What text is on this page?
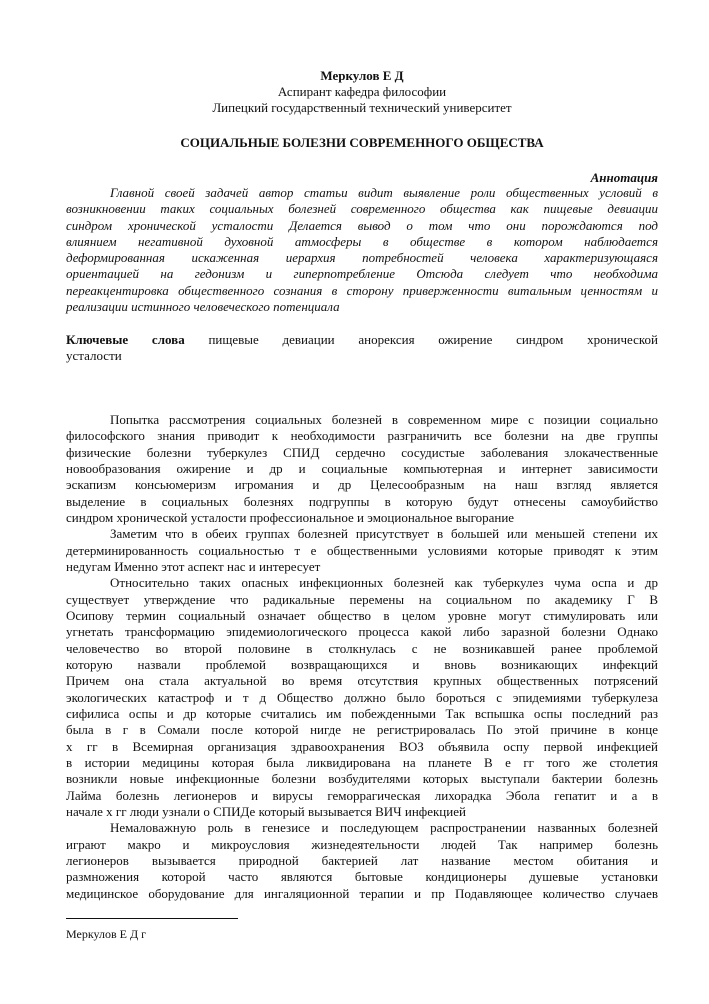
Меркулов Е Д
Аспирант кафедра философии
Липецкий государственный технический университет
СОЦИАЛЬНЫЕ БОЛЕЗНИ СОВРЕМЕННОГО ОБЩЕСТВА
Аннотация
Главной своей задачей автор статьи видит выявление роли общественных условий в
возникновении таких социальных болезней современного общества как пищевые девиации
синдром хронической усталости Делается вывод о том что они порождаются под
влиянием негативной духовной атмосферы в обществе в котором наблюдается
деформированная искаженная иерархия потребностей человека характеризующаяся
ориентацией на гедонизм и гиперпотребление Отсюда следует что необходима
переакцентировка общественного сознания в сторону приверженности витальным ценностям и
реализации истинного человеческого потенциала
Ключевые слова пищевые девиации анорексия ожирение синдром хронической
усталости
Попытка рассмотрения социальных болезней в современном мире с позиции социально
философского знания приводит к необходимости разграничить все болезни на две группы
физические болезни туберкулез СПИД сердечно сосудистые заболевания злокачественные
новообразования ожирение и др и социальные компьютерная и интернет зависимости
эскапизм консьюмеризм игромания и др Целесообразным на наш взгляд является
выделение в социальных болезнях подгруппы в которую будут отнесены самоубийство
синдром хронической усталости профессиональное и эмоциональное выгорание
Заметим что в обеих группах болезней присутствует в большей или меньшей степени их
детерминированность социальностью т е общественными условиями которые приводят к этим
недугам Именно этот аспект нас и интересует
Относительно таких опасных инфекционных болезней как туберкулез чума оспа и др
существует утверждение что радикальные перемены на социальном по академику Г В
Осипову термин социальный означает общество в целом уровне могут стимулировать или
угнетать трансформацию эпидемиологического процесса какой либо заразной болезни Однако
человечество во второй половине в столкнулась с не возникавшей ранее проблемой
которую назвали проблемой возвращающихся и вновь возникающих инфекций
Причем она стала актуальной во время отсутствия крупных общественных потрясений
экологических катастроф и т д Общество должно было бороться с эпидемиями туберкулеза
сифилиса оспы и др которые считались им побежденными Так вспышка оспы последний раз
была в г в Сомали после которой нигде не регистрировалась По этой причине в конце
х гг в Всемирная организация здравоохранения ВОЗ объявила оспу первой инфекцией
в истории медицины которая была ликвидирована на планете В е гг того же столетия
возникли новые инфекционные болезни возбудителями которых выступали бактерии болезнь
Лайма болезнь легионеров и вирусы геморрагическая лихорадка Эбола гепатит и а в
начале х гг люди узнали о СПИДе который вызывается ВИЧ инфекцией
Немаловажную роль в генезисе и последующем распространении названных болезней
играют макро и микроусловия жизнедеятельности людей Так например болезнь
легионеров вызывается природной бактерией лат название местом обитания и
размножения которой часто являются бытовые кондиционеры душевые установки
медицинское оборудование для ингаляционной терапии и пр Подавляющее количество случаев
Меркулов Е Д г
